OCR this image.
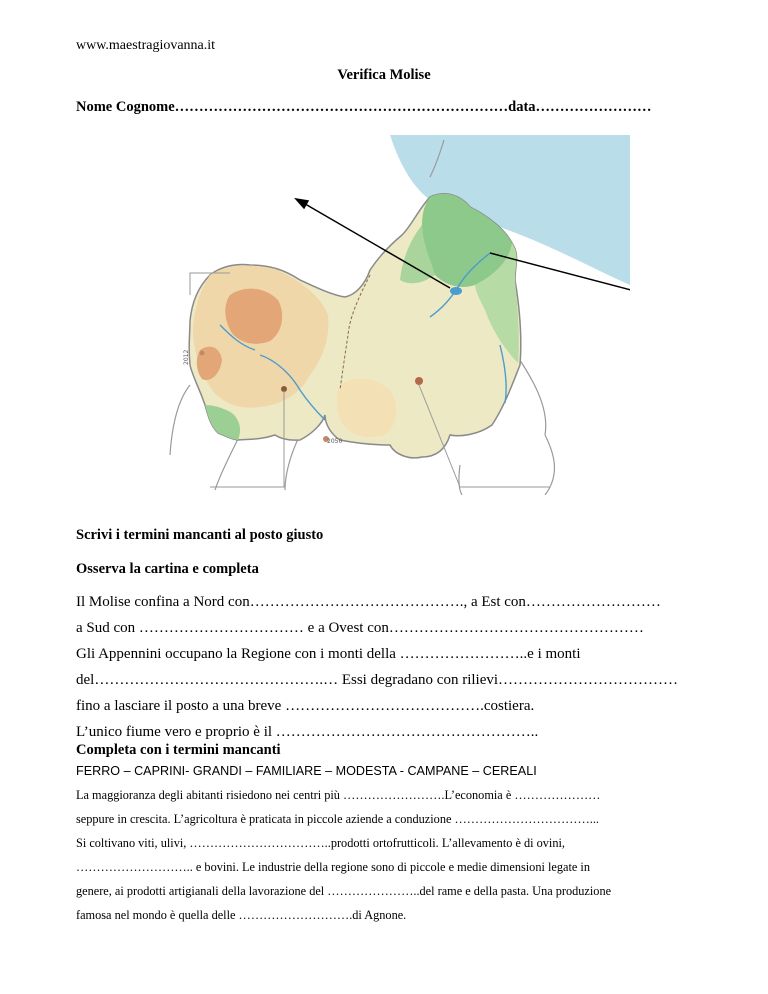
www.maestragiovanna.it
Verifica Molise
Nome Cognome……………………………………………………………data……………………
2012
2050
Scrivi i termini mancanti al posto giusto
Osserva la cartina e completa
Il Molise confina a Nord con……………………………………., a Est con………………………
a Sud con …………………………… e a Ovest con……………………………………………
Gli Appennini occupano la Regione con i monti della ……………………..e i monti
del……………………………………….… Essi degradano con rilievi………………………………
fino a lasciare il posto a una breve ………………………………….costiera.
L’unico fiume vero e proprio è il ……………………………………………..
Completa con i termini mancanti
FERRO – CAPRINI- GRANDI – FAMILIARE – MODESTA - CAMPANE – CEREALI
La maggioranza degli abitanti risiedono nei centri più …………………….L’economia è …………………
seppure in crescita. L’agricoltura è praticata in piccole aziende a conduzione ……………………………...
Si coltivano viti, ulivi, ……………………………..prodotti ortofrutticoli. L’allevamento è di ovini,
……………………….. e bovini. Le industrie della regione sono di piccole e medie dimensioni legate in
genere, ai prodotti artigianali della lavorazione del …………………..del rame e della pasta. Una produzione
famosa nel mondo è quella delle ……………………….di Agnone.
